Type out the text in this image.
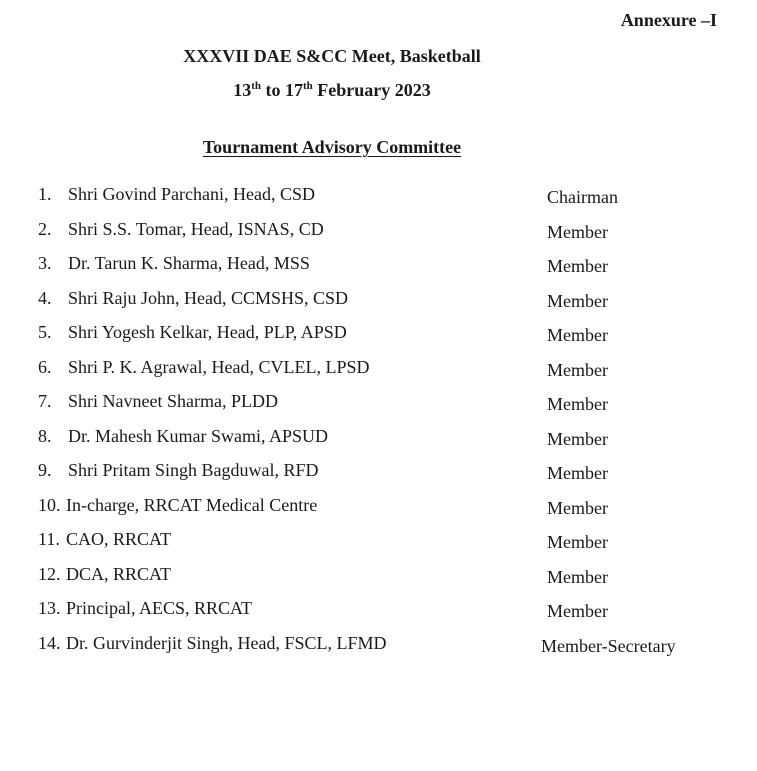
Annexure –I
XXXVII DAE S&CC Meet, Basketball
13th to 17th February 2023
Tournament Advisory Committee
1. Shri Govind Parchani, Head, CSD	Chairman
2. Shri S.S. Tomar, Head, ISNAS, CD	Member
3. Dr. Tarun K. Sharma, Head, MSS	Member
4. Shri Raju John, Head, CCMSHS, CSD	Member
5. Shri Yogesh Kelkar, Head, PLP, APSD	Member
6. Shri P. K. Agrawal, Head, CVLEL, LPSD	Member
7. Shri Navneet Sharma, PLDD	Member
8. Dr. Mahesh Kumar Swami, APSUD	Member
9. Shri Pritam Singh Bagduwal, RFD	Member
10. In-charge, RRCAT Medical Centre	Member
11. CAO, RRCAT	Member
12. DCA, RRCAT	Member
13. Principal, AECS, RRCAT	Member
14. Dr. Gurvinderjit Singh, Head, FSCL, LFMD	Member-Secretary
